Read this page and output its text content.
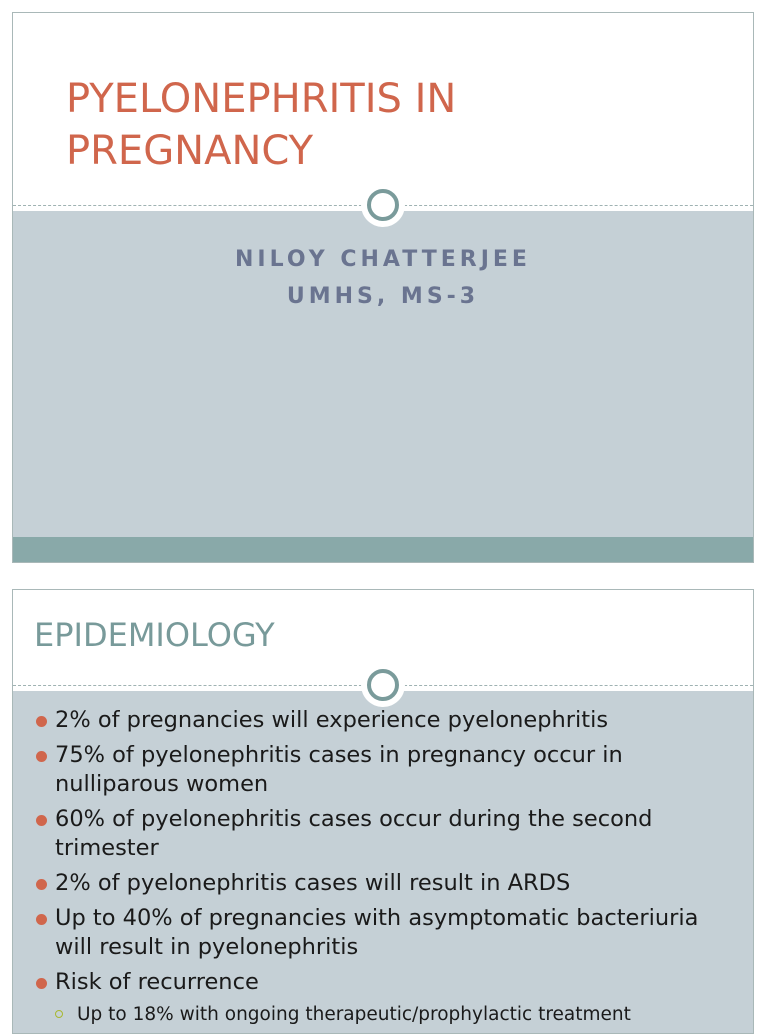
PYELONEPHRITIS IN
PREGNANCY
NILOY CHATTERJEE
UMHS, MS-3
EPIDEMIOLOGY
2% of pregnancies will experience pyelonephritis
75% of pyelonephritis cases in pregnancy occur in nulliparous women
60% of pyelonephritis cases occur during the second trimester
2% of pyelonephritis cases will result in ARDS
Up to 40% of pregnancies with asymptomatic bacteriuria will result in pyelonephritis
Risk of recurrence
Up to 18% with ongoing therapeutic/prophylactic treatment
